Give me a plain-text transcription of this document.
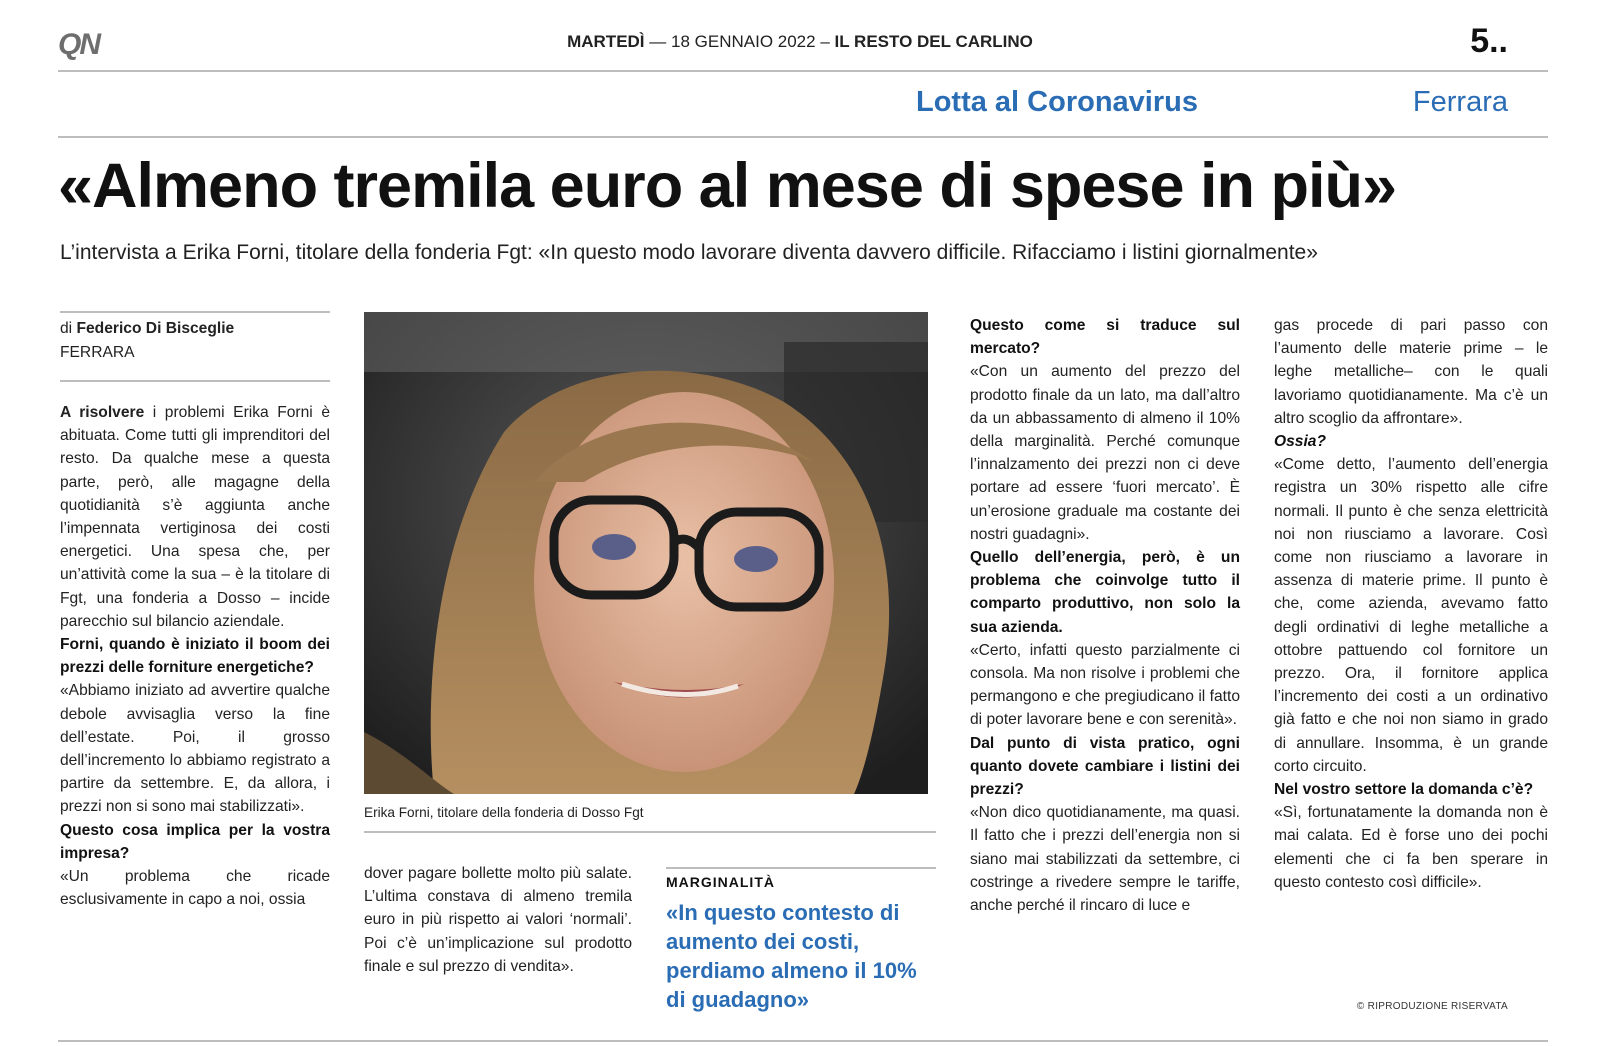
QN	MARTEDÌ — 18 GENNAIO 2022 – IL RESTO DEL CARLINO	5..
Lotta al Coronavirus	Ferrara
«Almeno tremila euro al mese di spese in più»
L’intervista a Erika Forni, titolare della fonderia Fgt: «In questo modo lavorare diventa davvero difficile. Rifacciamo i listini giornalmente»
di Federico Di Bisceglie
FERRARA

A risolvere i problemi Erika Forni è abituata. Come tutti gli imprenditori del resto. Da qualche mese a questa parte, però, alle magagne della quotidianità s’è aggiunta anche l’impennata vertiginosa dei costi energetici. Una spesa che, per un’attività come la sua – è la titolare di Fgt, una fonderia a Dosso – incide parecchio sul bilancio aziendale.

Forni, quando è iniziato il boom dei prezzi delle forniture energetiche?

«Abbiamo iniziato ad avvertire qualche debole avvisaglia verso la fine dell’estate. Poi, il grosso dell’incremento lo abbiamo registrato a partire da settembre. E, da allora, i prezzi non si sono mai stabilizzati».

Questo cosa implica per la vostra impresa?

«Un problema che ricade esclusivamente in capo a noi, ossia

Erika Forni, titolare della fonderia di Dosso Fgt

dover pagare bollette molto più salate. L’ultima constava di almeno tremila euro in più rispetto ai valori ‘normali’. Poi c’è un’implicazione sul prodotto finale e sul prezzo di vendita».

MARGINALITÀ
«In questo contesto di aumento dei costi, perdiamo almeno il 10% di guadagno»

Questo come si traduce sul mercato?

«Con un aumento del prezzo del prodotto finale da un lato, ma dall’altro da un abbassamento di almeno il 10% della marginalità. Perché comunque l’innalzamento dei prezzi non ci deve portare ad essere ‘fuori mercato’. È un’erosione graduale ma costante dei nostri guadagni».

Quello dell’energia, però, è un problema che coinvolge tutto il comparto produttivo, non solo la sua azienda.

«Certo, infatti questo parzialmente ci consola. Ma non risolve i problemi che permangono e che pregiudicano il fatto di poter lavorare bene e con serenità».

Dal punto di vista pratico, ogni quanto dovete cambiare i listini dei prezzi?

«Non dico quotidianamente, ma quasi. Il fatto che i prezzi dell’energia non si siano mai stabilizzati da settembre, ci costringe a rivedere sempre le tariffe, anche perché il rincaro di luce e

gas procede di pari passo con l’aumento delle materie prime – le leghe metalliche– con le quali lavoriamo quotidianamente. Ma c’è un altro scoglio da affrontare».

Ossia?

«Come detto, l’aumento dell’energia registra un 30% rispetto alle cifre normali. Il punto è che senza elettricità noi non riusciamo a lavorare. Così come non riusciamo a lavorare in assenza di materie prime. Il punto è che, come azienda, avevamo fatto degli ordinativi di leghe metalliche a ottobre pattuendo col fornitore un prezzo. Ora, il fornitore applica l’incremento dei costi a un ordinativo già fatto e che noi non siamo in grado di annullare. Insomma, è un grande corto circuito.

Nel vostro settore la domanda c’è?

«Sì, fortunatamente la domanda non è mai calata. Ed è forse uno dei pochi elementi che ci fa ben sperare in questo contesto così difficile».

© RIPRODUZIONE RISERVATA
